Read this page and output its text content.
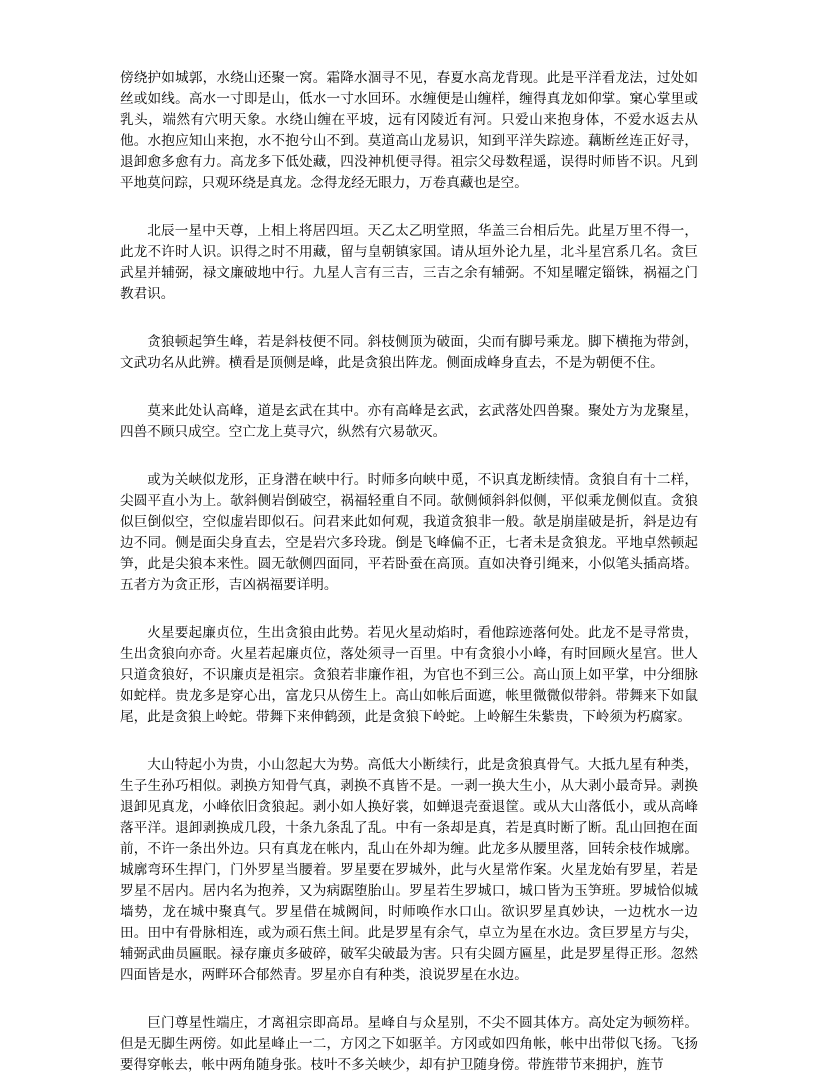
傍绕护如城郭，水绕山还聚一窝。霜降水涸寻不见，春夏水高龙背现。此是平洋看龙法，过处如丝或如线。高水一寸即是山，低水一寸水回环。水缠便是山缠样，缠得真龙如仰掌。窠心掌里或乳头，端然有穴明天象。水绕山缠在平坡，远有冈陵近有河。只爱山来抱身体，不爱水返去从他。水抱应知山来抱，水不抱兮山不到。莫道高山龙易识，知到平洋失踪迹。藕断丝连正好寻，退卸愈多愈有力。高龙多下低处藏，四没神机便寻得。祖宗父母数程遥，误得时师皆不识。凡到平地莫问踪，只观环绕是真龙。念得龙经无眼力，万卷真藏也是空。

北辰一星中天尊，上相上将居四垣。天乙太乙明堂照，华盖三台相后先。此星万里不得一，此龙不许时人识。识得之时不用藏，留与皇朝镇家国。请从垣外论九星，北斗星宫系几名。贪巨武星并辅弼，禄文廉破地中行。九星人言有三吉，三吉之余有辅弼。不知星曜定锱铢，祸福之门教君识。

贪狼顿起笋生峰，若是斜枝便不同。斜枝侧顶为破面，尖而有脚号乘龙。脚下横拖为带剑，文武功名从此辨。横看是顶侧是峰，此是贪狼出阵龙。侧面成峰身直去，不是为朝便不住。

莫来此处认高峰，道是玄武在其中。亦有高峰是玄武，玄武落处四兽聚。聚处方为龙聚星，四兽不顾只成空。空亡龙上莫寻穴，纵然有穴易欹灭。

或为关峡似龙形，正身潜在峡中行。时师多向峡中觅，不识真龙断续情。贪狼自有十二样，尖圆平直小为上。欹斜侧岩倒破空，祸福轻重自不同。欹侧倾斜斜似侧，平似乘龙侧似直。贪狼似巨倒似空，空似虚岩即似石。问君来此如何观，我道贪狼非一般。欹是崩崖破是折，斜是边有边不同。侧是面尖身直去，空是岩穴多玲珑。倒是飞峰偏不正，七者未是贪狼龙。平地卓然顿起笋，此是尖狼本来性。圆无欹侧四面同，平若卧蚕在高顶。直如决脊引绳来，小似笔头插高塔。五者方为贪正形，吉凶祸福要详明。

火星要起廉贞位，生出贪狼由此势。若见火星动焰时，看他踪迹落何处。此龙不是寻常贵，生出贪狼向亦奇。火星若起廉贞位，落处须寻一百里。中有贪狼小小峰，有时回顾火星宫。世人只道贪狼好，不识廉贞是祖宗。贪狼若非廉作祖，为官也不到三公。高山顶上如平掌，中分细脉如蛇样。贵龙多是穿心出，富龙只从傍生上。高山如帐后面遮，帐里微微似带斜。带舞来下如鼠尾，此是贪狼上岭蛇。带舞下来伸鹤颈，此是贪狼下岭蛇。上岭解生朱紫贵，下岭须为朽腐家。

大山特起小为贵，小山忽起大为势。高低大小断续行，此是贪狼真骨气。大抵九星有种类，生子生孙巧相似。剥换方知骨气真，剥换不真皆不是。一剥一换大生小，从大剥小最奇异。剥换退卸见真龙，小峰依旧贪狼起。剥小如人换好裳，如蝉退壳蚕退筐。或从大山落低小，或从高峰落平洋。退卸剥换成几段，十条九条乱了乱。中有一条却是真，若是真时断了断。乱山回抱在面前，不许一条出外边。只有真龙在帐内，乱山在外却为缠。此龙多从腰里落，回转余枝作城廓。城廓弯环生捍门，门外罗星当腰着。罗星要在罗城外，此与火星常作案。火星龙始有罗星，若是罗星不居内。居内名为抱养，又为病踞堕胎山。罗星若生罗城口，城口皆为玉笋班。罗城恰似城墙势，龙在城中聚真气。罗星借在城阙间，时师唤作水口山。欲识罗星真妙诀，一边枕水一边田。田中有骨脉相连，或为顽石焦土间。此是罗星有余气，卓立为星在水边。贪巨罗星方与尖，辅弼武曲员匾眠。禄存廉贞多破碎，破军尖破最为害。只有尖圆方匾星，此是罗星得正形。忽然四面皆是水，两畔环合郁然青。罗星亦自有种类，浪说罗星在水边。

巨门尊星性端庄，才离祖宗即高昂。星峰自与众星别，不尖不圆其体方。高处定为顿笏样。但是无脚生两傍。如此星峰止一二，方冈之下如驱羊。方冈或如四角帐，帐中出带似飞扬。飞扬要得穿帐去，帐中两角随身张。枝叶不多关峡少，却有护卫随身傍。带旌带节来拥护，旌节
